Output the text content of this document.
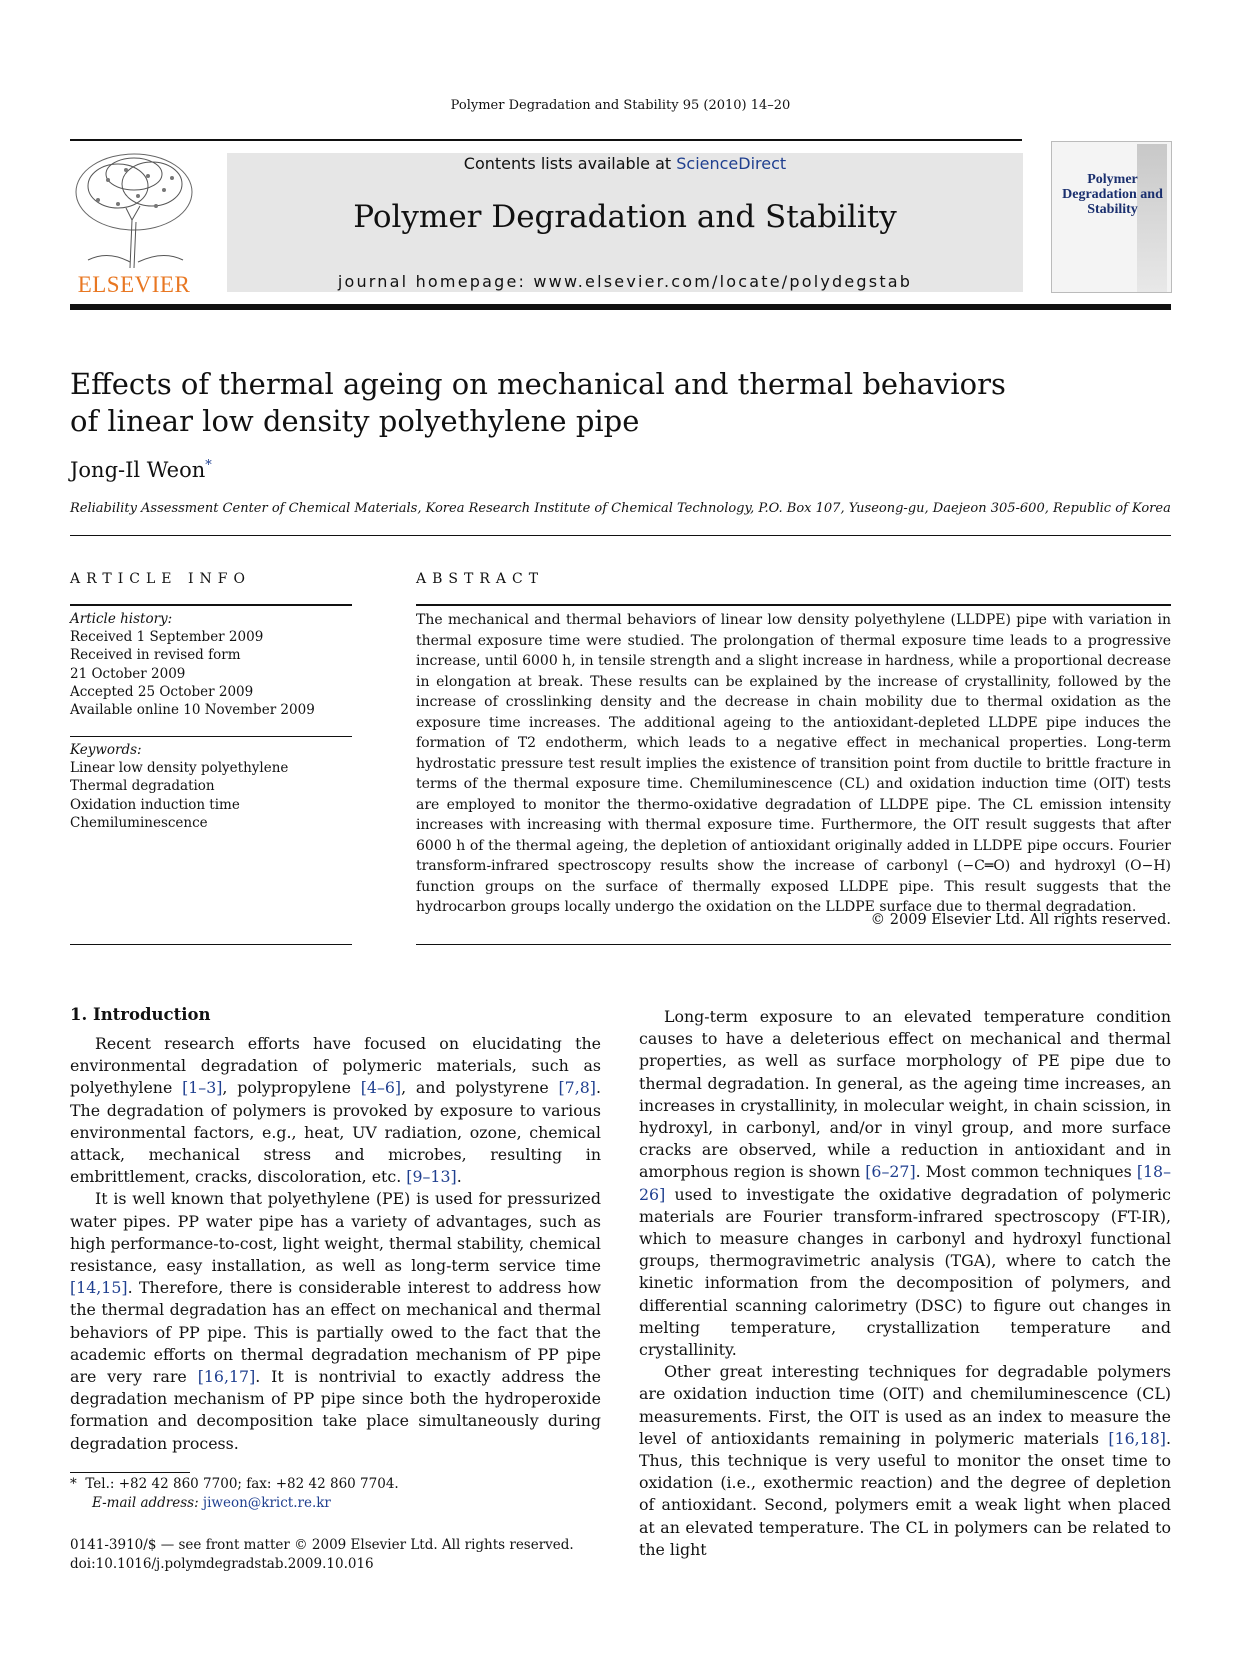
Polymer Degradation and Stability 95 (2010) 14–20
ELSEVIER
Contents lists available at ScienceDirect
Polymer Degradation and Stability
journal homepage: www.elsevier.com/locate/polydegstab
Polymer Degradation and Stability
Effects of thermal ageing on mechanical and thermal behaviors
of linear low density polyethylene pipe
Jong-Il Weon*
Reliability Assessment Center of Chemical Materials, Korea Research Institute of Chemical Technology, P.O. Box 107, Yuseong-gu, Daejeon 305-600, Republic of Korea
ARTICLE INFO
Article history:
Received 1 September 2009
Received in revised form
21 October 2009
Accepted 25 October 2009
Available online 10 November 2009
Keywords:
Linear low density polyethylene
Thermal degradation
Oxidation induction time
Chemiluminescence
ABSTRACT
The mechanical and thermal behaviors of linear low density polyethylene (LLDPE) pipe with variation in thermal exposure time were studied. The prolongation of thermal exposure time leads to a progressive increase, until 6000 h, in tensile strength and a slight increase in hardness, while a proportional decrease in elongation at break. These results can be explained by the increase of crystallinity, followed by the increase of crosslinking density and the decrease in chain mobility due to thermal oxidation as the exposure time increases. The additional ageing to the antioxidant-depleted LLDPE pipe induces the formation of T2 endotherm, which leads to a negative effect in mechanical properties. Long-term hydrostatic pressure test result implies the existence of transition point from ductile to brittle fracture in terms of the thermal exposure time. Chemiluminescence (CL) and oxidation induction time (OIT) tests are employed to monitor the thermo-oxidative degradation of LLDPE pipe. The CL emission intensity increases with increasing with thermal exposure time. Furthermore, the OIT result suggests that after 6000 h of the thermal ageing, the depletion of antioxidant originally added in LLDPE pipe occurs. Fourier transform-infrared spectroscopy results show the increase of carbonyl (−C═O) and hydroxyl (O−H) function groups on the surface of thermally exposed LLDPE pipe. This result suggests that the hydrocarbon groups locally undergo the oxidation on the LLDPE surface due to thermal degradation.
© 2009 Elsevier Ltd. All rights reserved.
1. Introduction

Recent research efforts have focused on elucidating the environmental degradation of polymeric materials, such as polyethylene [1–3], polypropylene [4–6], and polystyrene [7,8]. The degradation of polymers is provoked by exposure to various environmental factors, e.g., heat, UV radiation, ozone, chemical attack, mechanical stress and microbes, resulting in embrittlement, cracks, discoloration, etc. [9–13].

It is well known that polyethylene (PE) is used for pressurized water pipes. PP water pipe has a variety of advantages, such as high performance-to-cost, light weight, thermal stability, chemical resistance, easy installation, as well as long-term service time [14,15]. Therefore, there is considerable interest to address how the thermal degradation has an effect on mechanical and thermal behaviors of PP pipe. This is partially owed to the fact that the academic efforts on thermal degradation mechanism of PP pipe are very rare [16,17]. It is nontrivial to exactly address the degradation mechanism of PP pipe since both the hydroperoxide formation and decomposition take place simultaneously during degradation process.

Long-term exposure to an elevated temperature condition causes to have a deleterious effect on mechanical and thermal properties, as well as surface morphology of PE pipe due to thermal degradation. In general, as the ageing time increases, an increases in crystallinity, in molecular weight, in chain scission, in hydroxyl, in carbonyl, and/or in vinyl group, and more surface cracks are observed, while a reduction in antioxidant and in amorphous region is shown [6–27]. Most common techniques [18–26] used to investigate the oxidative degradation of polymeric materials are Fourier transform-infrared spectroscopy (FT-IR), which to measure changes in carbonyl and hydroxyl functional groups, thermogravimetric analysis (TGA), where to catch the kinetic information from the decomposition of polymers, and differential scanning calorimetry (DSC) to figure out changes in melting temperature, crystallization temperature and crystallinity.

Other great interesting techniques for degradable polymers are oxidation induction time (OIT) and chemiluminescence (CL) measurements. First, the OIT is used as an index to measure the level of antioxidants remaining in polymeric materials [16,18]. Thus, this technique is very useful to monitor the onset time to oxidation (i.e., exothermic reaction) and the degree of depletion of antioxidant. Second, polymers emit a weak light when placed at an elevated temperature. The CL in polymers can be related to the light

* Tel.: +82 42 860 7700; fax: +82 42 860 7704.
E-mail address: jiweon@krict.re.kr
0141-3910/$ — see front matter © 2009 Elsevier Ltd. All rights reserved.
doi:10.1016/j.polymdegradstab.2009.10.016
